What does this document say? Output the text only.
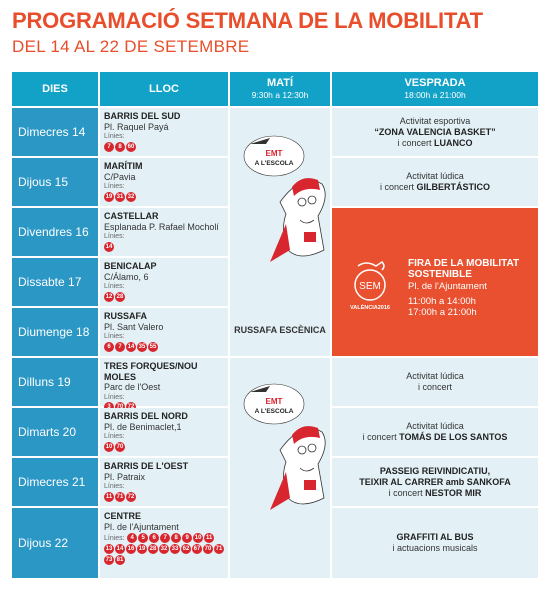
PROGRAMACIÓ SETMANA DE LA MOBILITAT
DEL 14 AL 22 DE SETEMBRE
DIES	LLOC	MATÍ
9:30h a 12:30h
VESPRADA
18:00h a 21:00h
Dimecres 14
BARRIS DEL SUD
Pl. Raquel Payá
Línies:
7 8 60
Dijous 15
MARÍTIM
C/Pavia
Línies:
19 31 32
Divendres 16
CASTELLAR
Esplanada P. Rafael Mocholí
Línies:
14
Dissabte 17
BENICALAP
C/Álamo, 6
Línies:
12 28
Diumenge 18
RUSSAFA
Pl. Sant Valero
Línies:
6 7 14 35 55
Dilluns 19
TRES FORQUES/NOU MOLES
Parc de l'Oest
Línies:
Dimarts 20
BARRIS DEL NORD
Pl. de Benimaclet,1
Línies:
10 70
Dimecres 21
BARRIS DE L'OEST
Pl. Patraix
Línies:
11 71 72
Dijous 22
CENTRE
Pl. de l'Ajuntament
Línies: 4 5 6 7 8 9 10 1113 14 16 19 28 32 33 62 67 70 7173 81
EMT
A L'ESCOLA
EMT
A L'ESCOLA
RUSSAFA ESCÈNICA
Activitat esportiva
“ZONA VALENCIA BASKET”
i concert LUANCO
Activitat lúdica
i concert GILBERTÁSTICO
SEM
VALÈNCIA2016
FIRA DE LA MOBILITAT SOSTENIBLE
Pl. de l'Ajuntament
11:00h a 14:00h
17:00h a 21:00h
Activitat lúdica
i concert
Activitat lúdica
i concert TOMÁS DE LOS SANTOS
PASSEIG REIVINDICATIU,
TEIXIR AL CARRER amb SANKOFA
i concert NESTOR MIR
GRAFFITI AL BUS
i actuacions musicals
